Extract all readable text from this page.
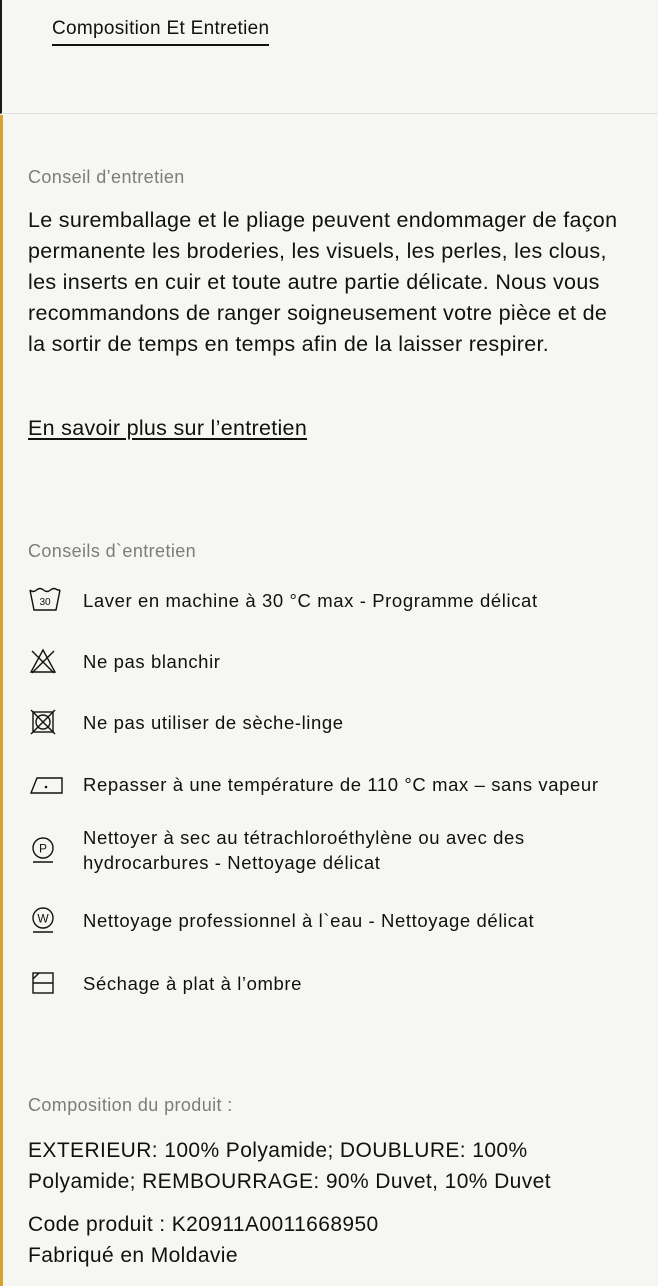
Composition Et Entretien
Conseil d’entretien
Le suremballage et le pliage peuvent endommager de façon permanente les broderies, les visuels, les perles, les clous, les inserts en cuir et toute autre partie délicate. Nous vous recommandons de ranger soigneusement votre pièce et de la sortir de temps en temps afin de la laisser respirer.
En savoir plus sur l’entretien
Conseils d`entretien
30 Laver en machine à 30 °C max - Programme délicat
Ne pas blanchir
Ne pas utiliser de sèche-linge
Repasser à une température de 110 °C max – sans vapeur
P
Nettoyer à sec au tétrachloroéthylène ou avec des hydrocarbures - Nettoyage délicat
W Nettoyage professionnel à l`eau - Nettoyage délicat
Séchage à plat à l’ombre
Composition du produit :
EXTERIEUR: 100% Polyamide; DOUBLURE: 100% Polyamide; REMBOURRAGE: 90% Duvet, 10% Duvet
Code produit : K20911A0011668950
Fabriqué en Moldavie
